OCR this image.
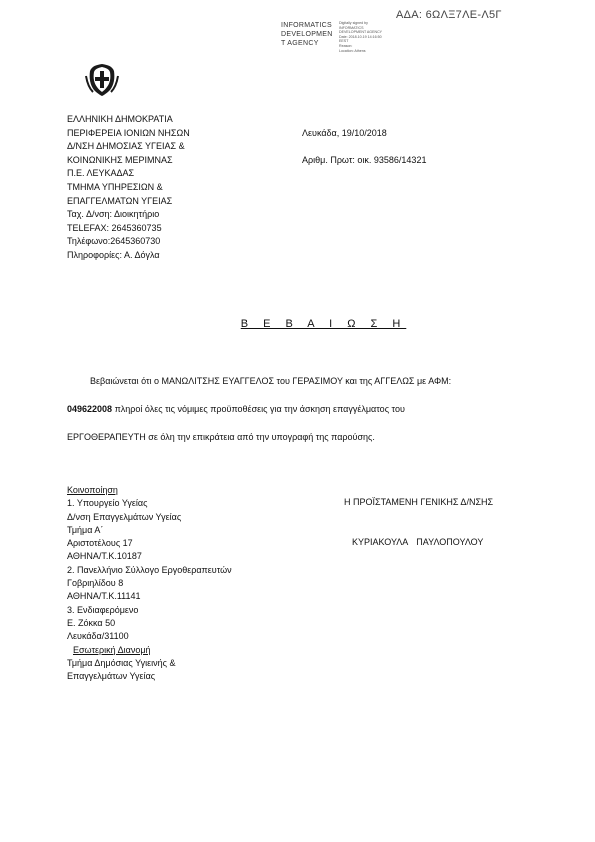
ΑΔΑ: 6ΩΛΞ7ΛΕ-Λ5Γ
INFORMATICS
DEVELOPMEN
T AGENCY
Digitally signed by
INFORMATICS
DEVELOPMENT AGENCY
Date: 2018.10.19 14:16:50
EEST
Reason:
Location: Athens
ΕΛΛΗΝΙΚΗ ΔΗΜΟΚΡΑΤΙΑ
ΠΕΡΙΦΕΡΕΙΑ ΙΟΝΙΩΝ ΝΗΣΩΝ
Δ/ΝΣΗ ΔΗΜΟΣΙΑΣ ΥΓΕΙΑΣ &
ΚΟΙΝΩΝΙΚΗΣ ΜΕΡΙΜΝΑΣ
Π.Ε. ΛΕΥΚΑΔΑΣ
ΤΜΗΜΑ ΥΠΗΡΕΣΙΩΝ &
ΕΠΑΓΓΕΛΜΑΤΩΝ ΥΓΕΙΑΣ
Ταχ. Δ/νση: Διοικητήριο
TELEFAX: 2645360735
Τηλέφωνο:2645360730
Πληροφορίες: Α. Δόγλα
Λευκάδα, 19/10/2018
Αριθμ. Πρωτ: οικ. 93586/14321
Β Ε Β Α Ι Ω Σ Η
Βεβαιώνεται ότι ο ΜΑΝΩΛΙΤΣΗΣ ΕΥΑΓΓΕΛΟΣ του ΓΕΡΑΣΙΜΟΥ και της ΑΓΓΕΛΩΣ με ΑΦΜ:
049622008 πληροί όλες τις νόμιμες προϋποθέσεις για την άσκηση επαγγέλματος του
ΕΡΓΟΘΕΡΑΠΕΥΤΗ σε όλη την επικράτεια από την υπογραφή της παρούσης.
Κοινοποίηση
1. Υπουργείο Υγείας
Δ/νση Επαγγελμάτων Υγείας
Τμήμα Α΄
Αριστοτέλους 17
ΑΘΗΝΑ/Τ.Κ.10187
2. Πανελλήνιο Σύλλογο Εργοθεραπευτών
Γοβριηλίδου 8
ΑΘΗΝΑ/Τ.Κ.11141
3. Ενδιαφερόμενο
Ε. Ζόκκα 50
Λευκάδα/31100
Εσωτερική Διανομή
Τμήμα Δημόσιας Υγιεινής &
Επαγγελμάτων Υγείας
Η ΠΡΟΪΣΤΑΜΕΝΗ ΓΕΝΙΚΗΣ Δ/ΝΣΗΣ
ΚΥΡΙΑΚΟΥΛΑ ΠΑΥΛΟΠΟΥΛΟΥ
